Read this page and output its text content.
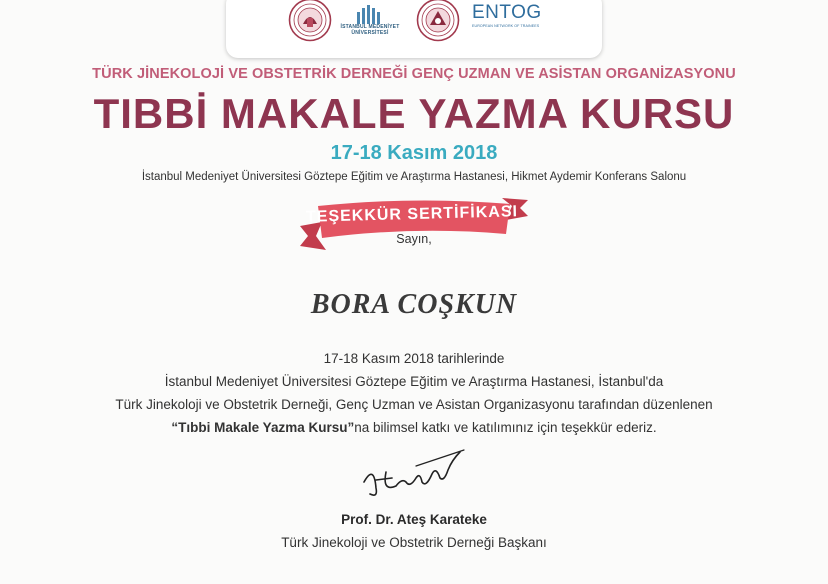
İSTANBUL MEDENİYET
ÜNİVERSİTESİ
ENTOG
EUROPEAN NETWORK OF TRAINEES
TÜRK JİNEKOLOJİ VE OBSTETRİK DERNEĞİ GENÇ UZMAN VE ASİSTAN ORGANİZASYONU
TIBBİ MAKALE YAZMA KURSU
17-18 Kasım 2018
İstanbul Medeniyet Üniversitesi Göztepe Eğitim ve Araştırma Hastanesi, Hikmet Aydemir Konferans Salonu
TEŞEKKÜR SERTİFİKASI
Sayın,
BORA COŞKUN
17-18 Kasım 2018 tarihlerinde
İstanbul Medeniyet Üniversitesi Göztepe Eğitim ve Araştırma Hastanesi, İstanbul'da
Türk Jinekoloji ve Obstetrik Derneği, Genç Uzman ve Asistan Organizasyonu tarafından düzenlenen
“Tıbbi Makale Yazma Kursu”na bilimsel katkı ve katılımınız için teşekkür ederiz.
Prof. Dr. Ateş Karateke
Türk Jinekoloji ve Obstetrik Derneği Başkanı
